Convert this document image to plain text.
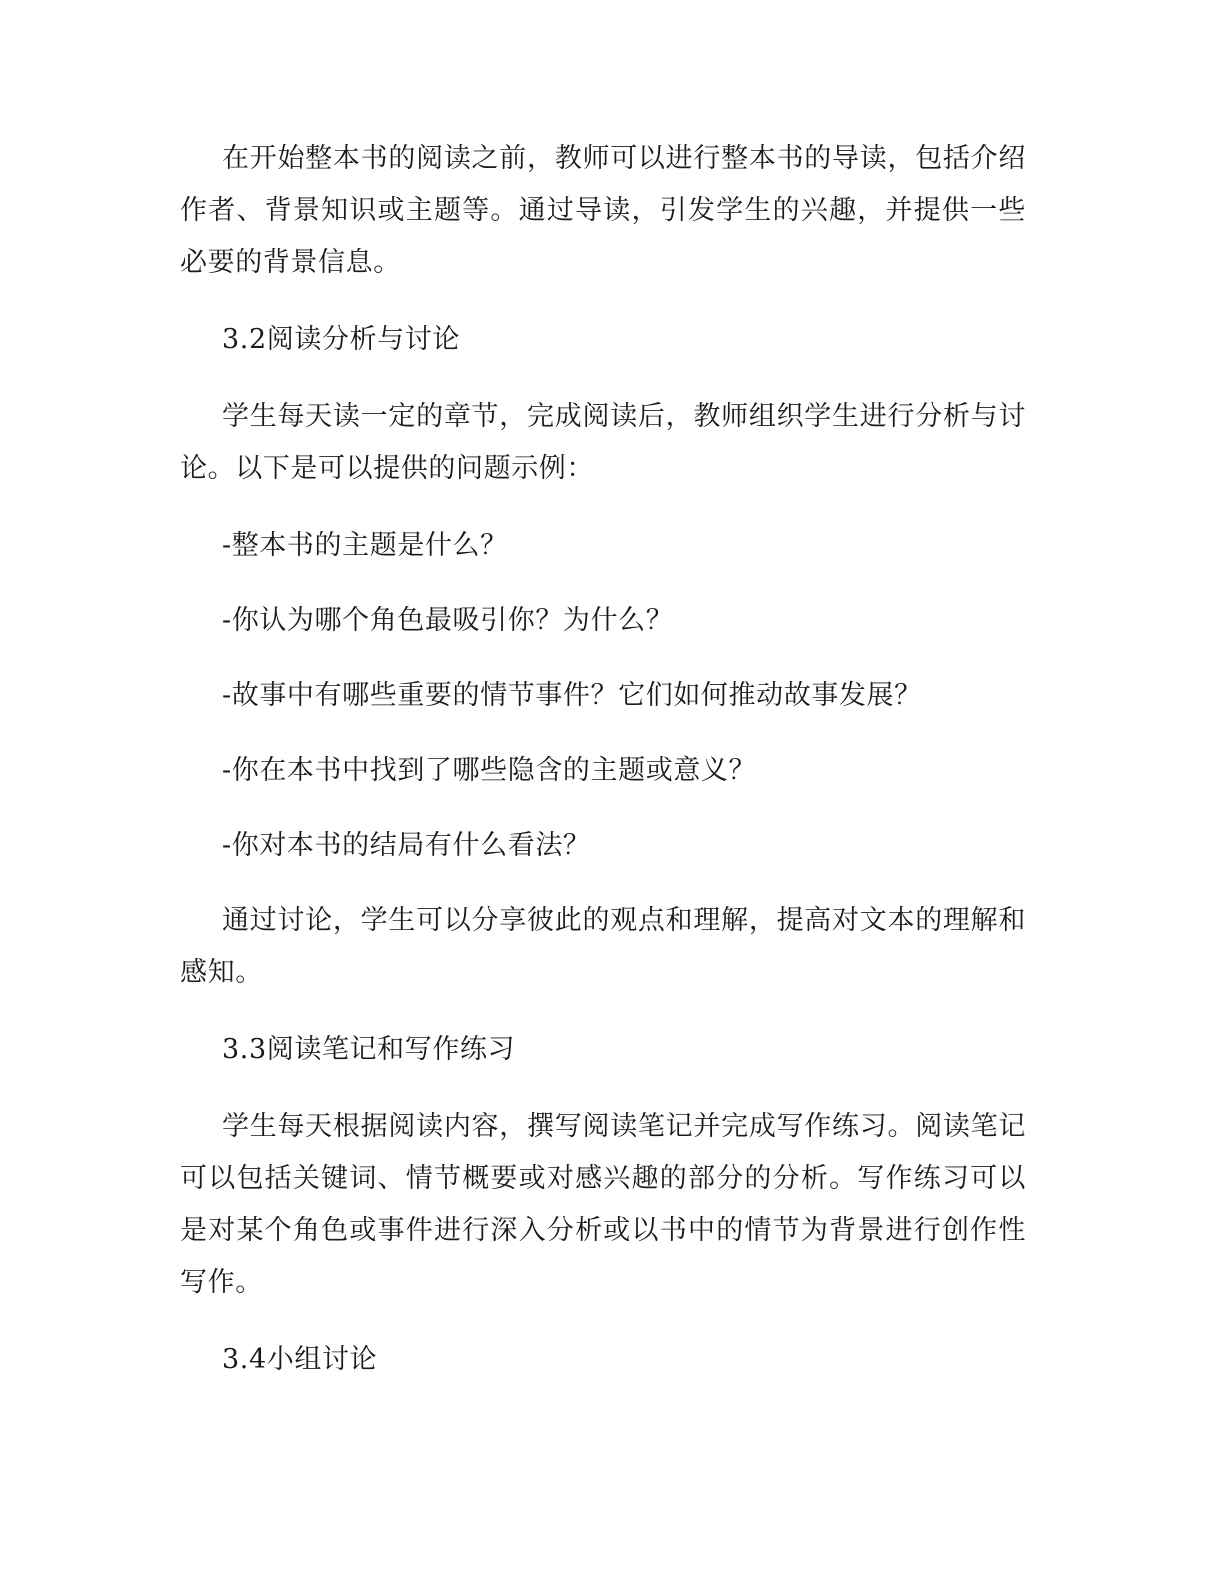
在开始整本书的阅读之前，教师可以进行整本书的导读，包括介绍作者、背景知识或主题等。通过导读，引发学生的兴趣，并提供一些必要的背景信息。

3.2阅读分析与讨论

学生每天读一定的章节，完成阅读后，教师组织学生进行分析与讨论。以下是可以提供的问题示例：

-整本书的主题是什么？

-你认为哪个角色最吸引你？为什么？

-故事中有哪些重要的情节事件？它们如何推动故事发展？

-你在本书中找到了哪些隐含的主题或意义？

-你对本书的结局有什么看法？

通过讨论，学生可以分享彼此的观点和理解，提高对文本的理解和感知。

3.3阅读笔记和写作练习

学生每天根据阅读内容，撰写阅读笔记并完成写作练习。阅读笔记可以包括关键词、情节概要或对感兴趣的部分的分析。写作练习可以是对某个角色或事件进行深入分析或以书中的情节为背景进行创作性写作。

3.4小组讨论
